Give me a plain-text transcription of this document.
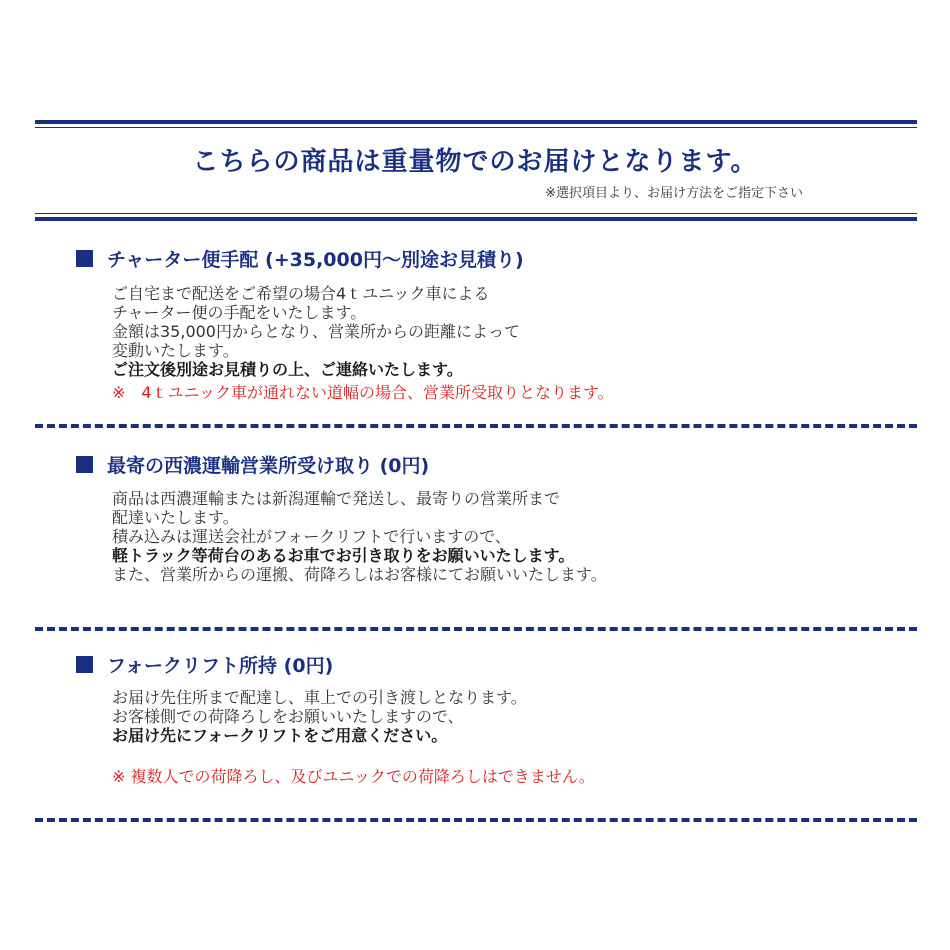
こちらの商品は重量物でのお届けとなります。
※選択項目より、お届け方法をご指定下さい
チャーター便手配 (+35,000円～別途お見積り)
ご自宅まで配送をご希望の場合4ｔユニック車による
チャーター便の手配をいたします。
金額は35,000円からとなり、営業所からの距離によって
変動いたします。
ご注文後別途お見積りの上、ご連絡いたします。
※　4ｔユニック車が通れない道幅の場合、営業所受取りとなります。
最寄の西濃運輸営業所受け取り (0円)
商品は西濃運輸または新潟運輸で発送し、最寄りの営業所まで
配達いたします。
積み込みは運送会社がフォークリフトで行いますので、
軽トラック等荷台のあるお車でお引き取りをお願いいたします。
また、営業所からの運搬、荷降ろしはお客様にてお願いいたします。
フォークリフト所持 (0円)
お届け先住所まで配達し、車上での引き渡しとなります。
お客様側での荷降ろしをお願いいたしますので、
お届け先にフォークリフトをご用意ください。
※ 複数人での荷降ろし、及びユニックでの荷降ろしはできません。
